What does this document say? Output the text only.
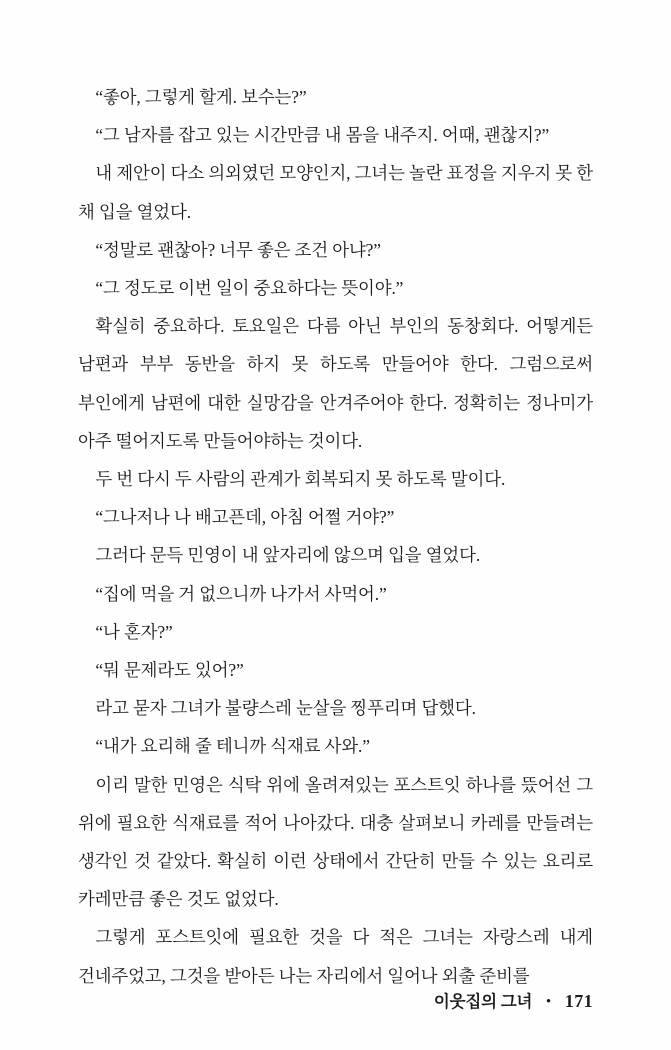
“좋아, 그렇게 할게. 보수는?”

“그 남자를 잡고 있는 시간만큼 내 몸을 내주지. 어때, 괜찮지?”

내 제안이 다소 의외였던 모양인지, 그녀는 놀란 표정을 지우지 못 한 채 입을 열었다.

“정말로 괜찮아? 너무 좋은 조건 아냐?”

“그 정도로 이번 일이 중요하다는 뜻이야.”

확실히 중요하다. 토요일은 다름 아닌 부인의 동창회다. 어떻게든 남편과 부부 동반을 하지 못 하도록 만들어야 한다. 그럼으로써 부인에게 남편에 대한 실망감을 안겨주어야 한다. 정확히는 정나미가 아주 떨어지도록 만들어야하는 것이다.

두 번 다시 두 사람의 관계가 회복되지 못 하도록 말이다.

“그나저나 나 배고픈데, 아침 어쩔 거야?”

그러다 문득 민영이 내 앞자리에 않으며 입을 열었다.

“집에 먹을 거 없으니까 나가서 사먹어.”

“나 혼자?”

“뭐 문제라도 있어?”

라고 묻자 그녀가 불량스레 눈살을 찡푸리며 답했다.

“내가 요리해 줄 테니까 식재료 사와.”

이리 말한 민영은 식탁 위에 올려져있는 포스트잇 하나를 뜼어선 그 위에 필요한 식재료를 적어 나아갔다. 대충 살펴보니 카레를 만들려는 생각인 것 같았다. 확실히 이런 상태에서 간단히 만들 수 있는 요리로 카레만큼 좋은 것도 없었다.

그렇게 포스트잇에 필요한 것을 다 적은 그녀는 자랑스레 내게 건네주었고, 그것을 받아든 나는 자리에서 일어나 외출 준비를

이웃집의 그녀 • 171
